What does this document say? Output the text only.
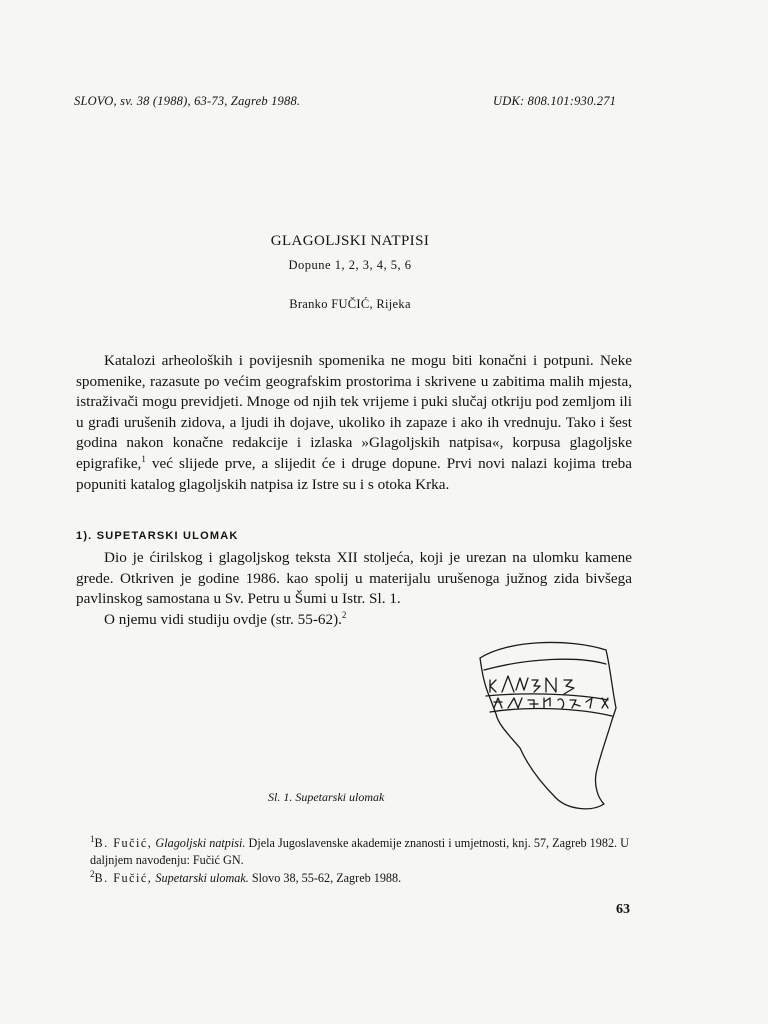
SLOVO, sv. 38 (1988), 63-73, Zagreb 1988.	UDK: 808.101:930.271
GLAGOLJSKI NATPISI
Dopune 1, 2, 3, 4, 5, 6
Branko FUČIĆ, Rijeka

Katalozi arheoloških i povijesnih spomenika ne mogu biti konačni i potpuni. Neke spomenike, razasute po većim geografskim prostorima i skrivene u zabitima malih mjesta, istraživači mogu previdjeti. Mnoge od njih tek vrijeme i puki slučaj otkriju pod zemljom ili u građi urušenih zidova, a ljudi ih dojave, ukoliko ih zapaze i ako ih vrednuju. Tako i šest godina nakon konačne redakcije i izlaska »Glagoljskih natpisa«, korpusa glagoljske epigrafike,$^1$ već slijede prve, a slijedit će i druge dopune. Prvi novi nalazi kojima treba popuniti katalog glagoljskih natpisa iz Istre su i s otoka Krka.

1). SUPETARSKI ULOMAK

Dio je ćirilskog i glagoljskog teksta XII stoljeća, koji je urezan na ulomku kamene grede. Otkriven je godine 1986. kao spolij u materijalu urušenoga južnog zida bivšega pavlinskog samostana u Sv. Petru u Šumi u Istr. Sl. 1.

O njemu vidi studiju ovdje (str. 55-62).$^2$

Sl. 1. Supetarski ulomak

$^1$B. Fučić, Glagoljski natpisi. Djela Jugoslavenske akademije znanosti i umjetnosti, knj. 57, Zagreb 1982. U daljnjem navođenju: Fučić GN.

$^2$B. Fučić, Supetarski ulomak. Slovo 38, 55-62, Zagreb 1988.

63
